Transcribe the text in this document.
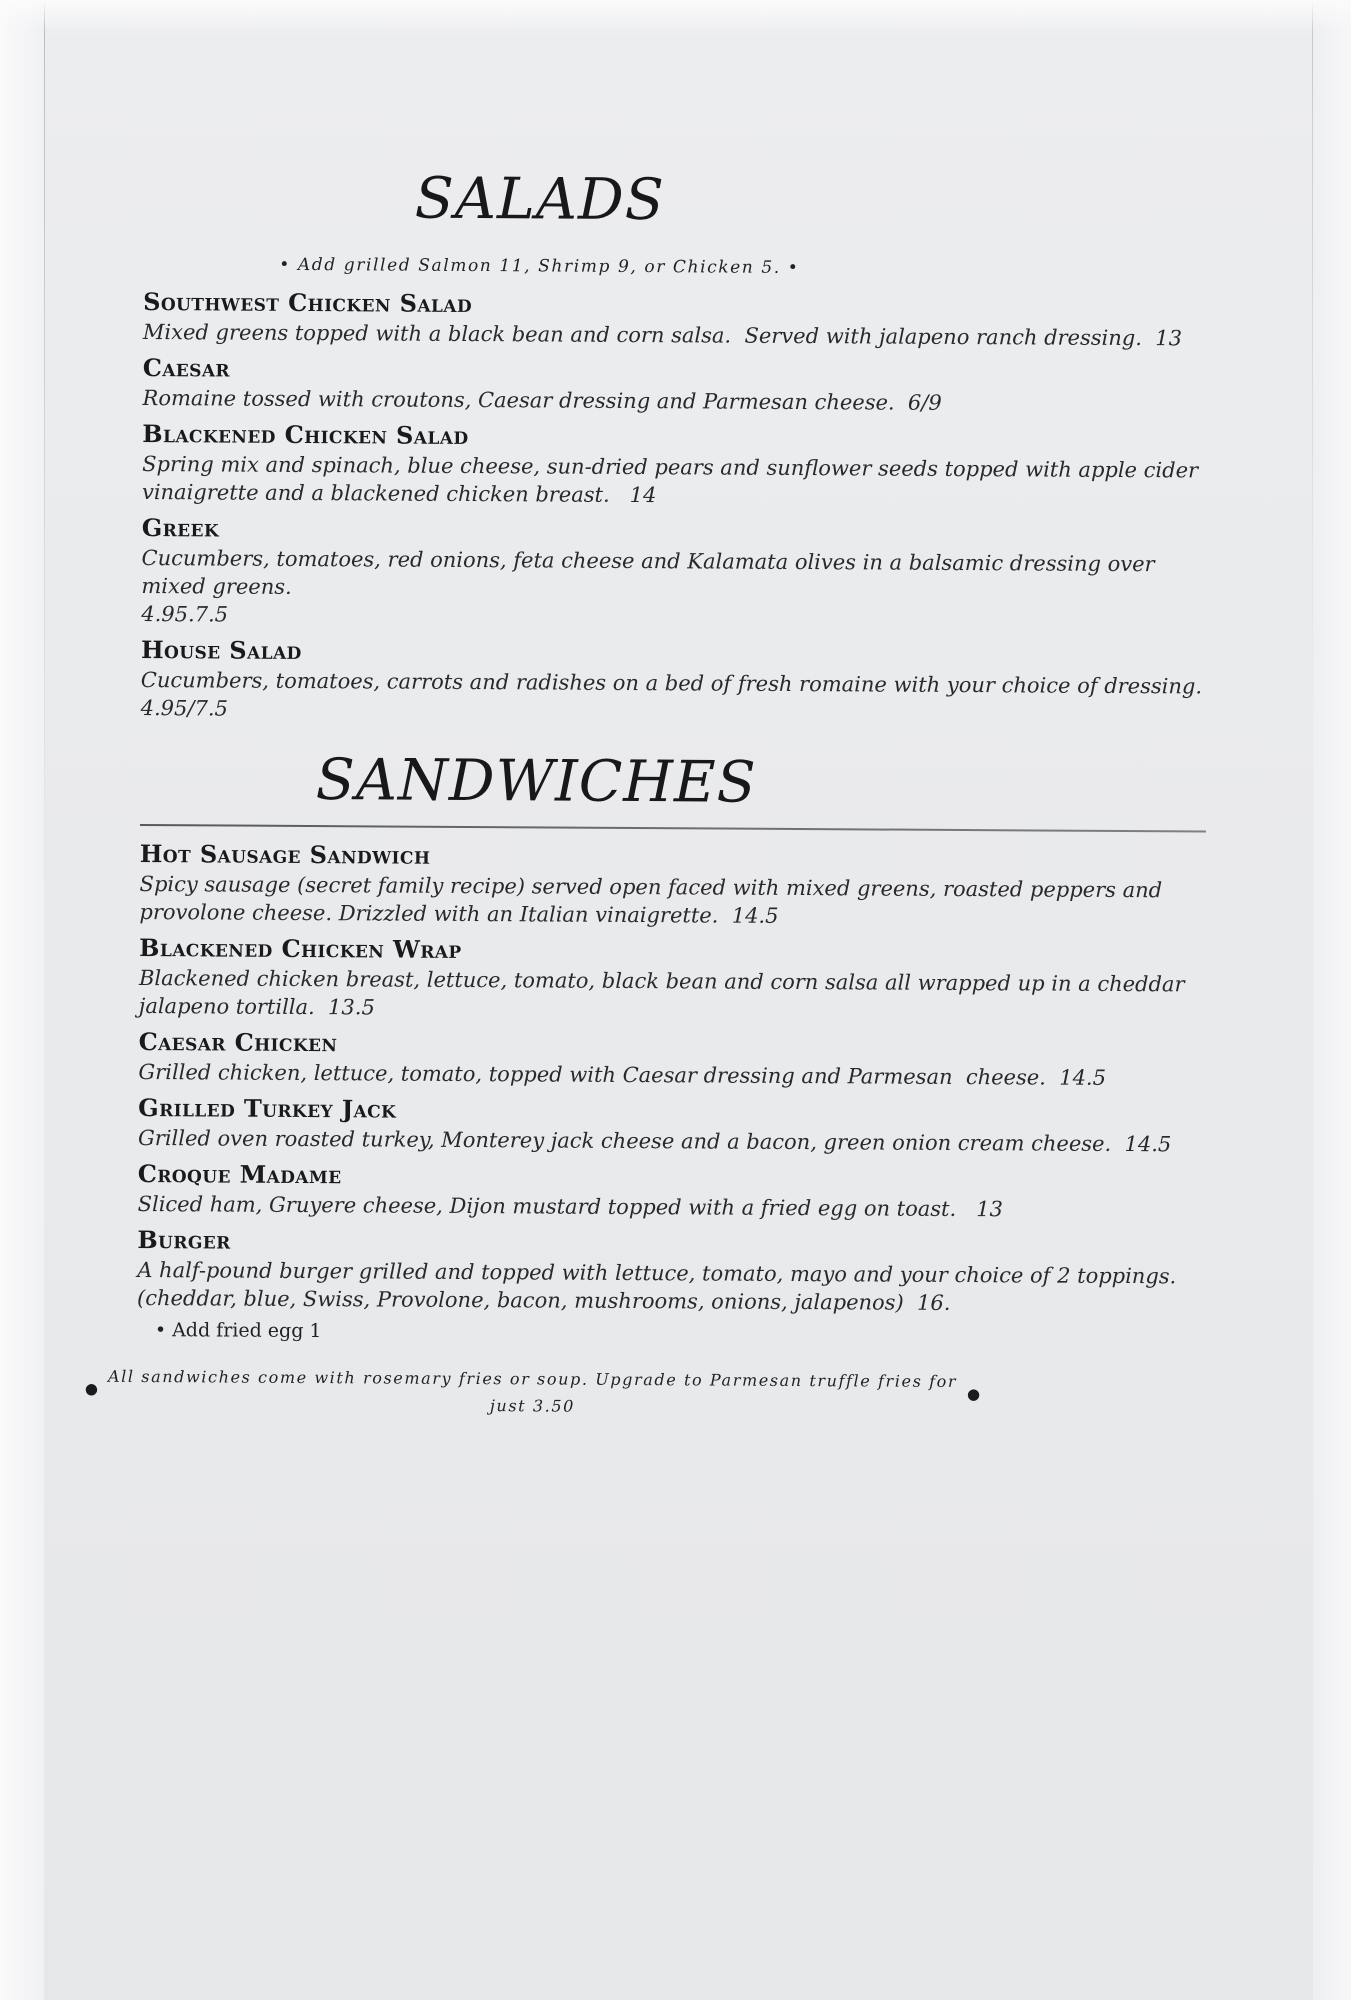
SALADS
• Add grilled Salmon 11, Shrimp 9, or Chicken 5. •
Southwest Chicken Salad
Mixed greens topped with a black bean and corn salsa.  Served with jalapeno ranch dressing.  13
Caesar
Romaine tossed with croutons, Caesar dressing and Parmesan cheese.  6/9
Blackened Chicken Salad
Spring mix and spinach, blue cheese, sun-dried pears and sunflower seeds topped with apple cider vinaigrette and a blackened chicken breast.   14
Greek
Cucumbers, tomatoes, red onions, feta cheese and Kalamata olives in a balsamic dressing over mixed greens.
4.95.7.5
House Salad
Cucumbers, tomatoes, carrots and radishes on a bed of fresh romaine with your choice of dressing.  4.95/7.5
SANDWICHES
Hot Sausage Sandwich
Spicy sausage (secret family recipe) served open faced with mixed greens, roasted peppers and provolone cheese. Drizzled with an Italian vinaigrette.  14.5
Blackened Chicken Wrap
Blackened chicken breast, lettuce, tomato, black bean and corn salsa all wrapped up in a cheddar jalapeno tortilla.  13.5
Caesar Chicken
Grilled chicken, lettuce, tomato, topped with Caesar dressing and Parmesan  cheese.  14.5
Grilled Turkey Jack
Grilled oven roasted turkey, Monterey jack cheese and a bacon, green onion cream cheese.  14.5
Croque Madame
Sliced ham, Gruyere cheese, Dijon mustard topped with a fried egg on toast.   13
Burger
A half-pound burger grilled and topped with lettuce, tomato, mayo and your choice of 2 toppings. (cheddar, blue, Swiss, Provolone, bacon, mushrooms, onions, jalapenos)  16.
• Add fried egg 1
● All sandwiches come with rosemary fries or soup. Upgrade to Parmesan truffle fries for
just 3.50
●
